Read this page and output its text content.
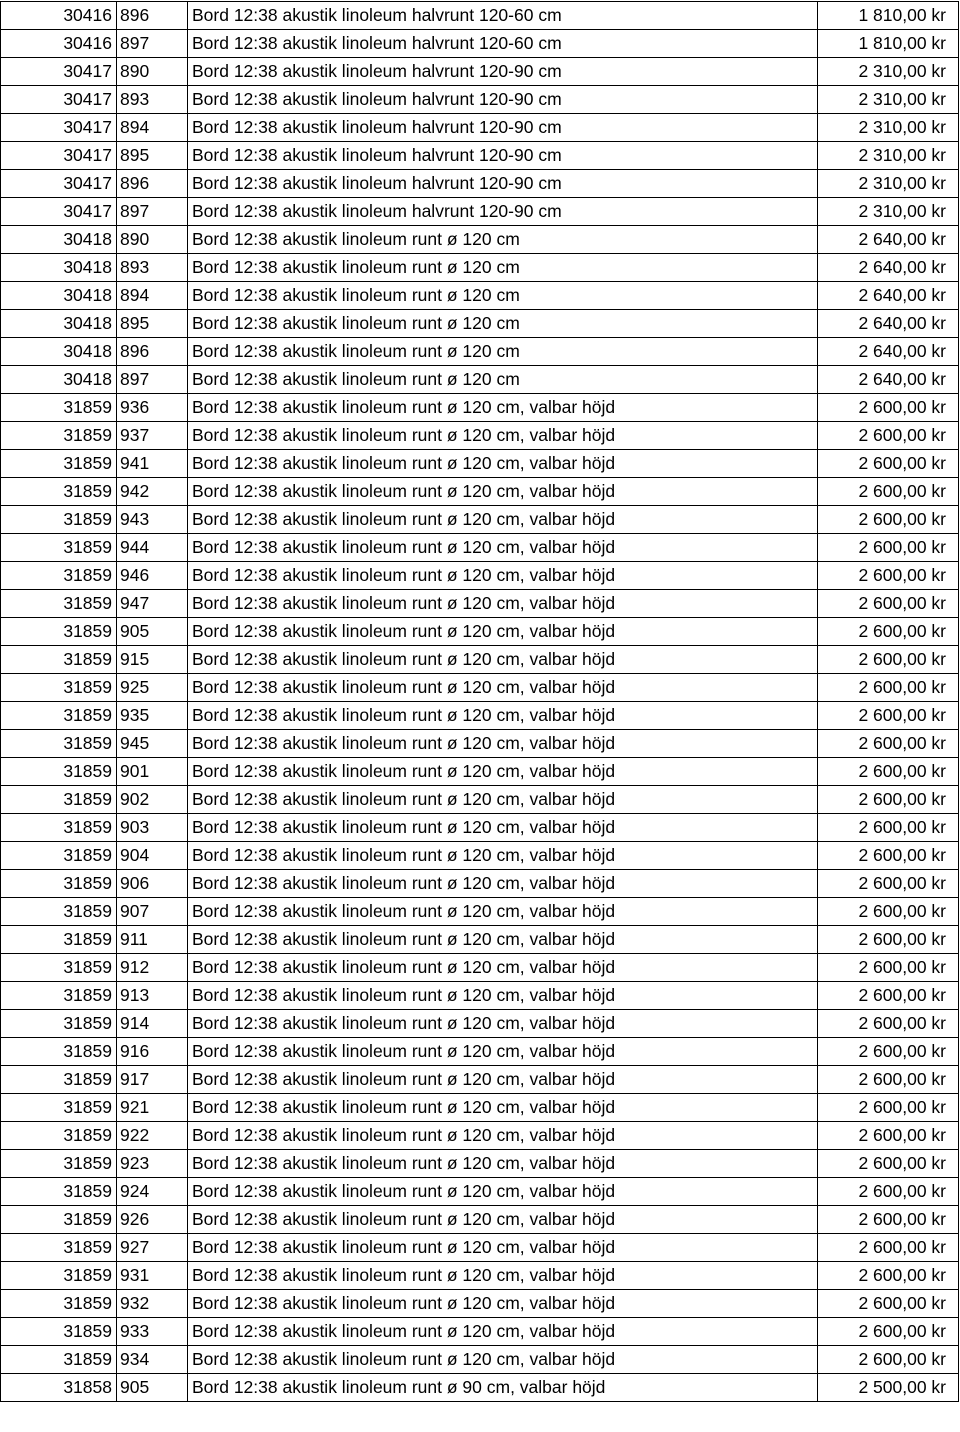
30416	896	Bord 12:38 akustik linoleum halvrunt 120-60 cm	1 810,00 kr
30416	897	Bord 12:38 akustik linoleum halvrunt 120-60 cm	1 810,00 kr
30417	890	Bord 12:38 akustik linoleum halvrunt 120-90 cm	2 310,00 kr
30417	893	Bord 12:38 akustik linoleum halvrunt 120-90 cm	2 310,00 kr
30417	894	Bord 12:38 akustik linoleum halvrunt 120-90 cm	2 310,00 kr
30417	895	Bord 12:38 akustik linoleum halvrunt 120-90 cm	2 310,00 kr
30417	896	Bord 12:38 akustik linoleum halvrunt 120-90 cm	2 310,00 kr
30417	897	Bord 12:38 akustik linoleum halvrunt 120-90 cm	2 310,00 kr
30418	890	Bord 12:38 akustik linoleum runt ø 120 cm	2 640,00 kr
30418	893	Bord 12:38 akustik linoleum runt ø 120 cm	2 640,00 kr
30418	894	Bord 12:38 akustik linoleum runt ø 120 cm	2 640,00 kr
30418	895	Bord 12:38 akustik linoleum runt ø 120 cm	2 640,00 kr
30418	896	Bord 12:38 akustik linoleum runt ø 120 cm	2 640,00 kr
30418	897	Bord 12:38 akustik linoleum runt ø 120 cm	2 640,00 kr
31859	936	Bord 12:38 akustik linoleum runt ø 120 cm, valbar höjd	2 600,00 kr
31859	937	Bord 12:38 akustik linoleum runt ø 120 cm, valbar höjd	2 600,00 kr
31859	941	Bord 12:38 akustik linoleum runt ø 120 cm, valbar höjd	2 600,00 kr
31859	942	Bord 12:38 akustik linoleum runt ø 120 cm, valbar höjd	2 600,00 kr
31859	943	Bord 12:38 akustik linoleum runt ø 120 cm, valbar höjd	2 600,00 kr
31859	944	Bord 12:38 akustik linoleum runt ø 120 cm, valbar höjd	2 600,00 kr
31859	946	Bord 12:38 akustik linoleum runt ø 120 cm, valbar höjd	2 600,00 kr
31859	947	Bord 12:38 akustik linoleum runt ø 120 cm, valbar höjd	2 600,00 kr
31859	905	Bord 12:38 akustik linoleum runt ø 120 cm, valbar höjd	2 600,00 kr
31859	915	Bord 12:38 akustik linoleum runt ø 120 cm, valbar höjd	2 600,00 kr
31859	925	Bord 12:38 akustik linoleum runt ø 120 cm, valbar höjd	2 600,00 kr
31859	935	Bord 12:38 akustik linoleum runt ø 120 cm, valbar höjd	2 600,00 kr
31859	945	Bord 12:38 akustik linoleum runt ø 120 cm, valbar höjd	2 600,00 kr
31859	901	Bord 12:38 akustik linoleum runt ø 120 cm, valbar höjd	2 600,00 kr
31859	902	Bord 12:38 akustik linoleum runt ø 120 cm, valbar höjd	2 600,00 kr
31859	903	Bord 12:38 akustik linoleum runt ø 120 cm, valbar höjd	2 600,00 kr
31859	904	Bord 12:38 akustik linoleum runt ø 120 cm, valbar höjd	2 600,00 kr
31859	906	Bord 12:38 akustik linoleum runt ø 120 cm, valbar höjd	2 600,00 kr
31859	907	Bord 12:38 akustik linoleum runt ø 120 cm, valbar höjd	2 600,00 kr
31859	911	Bord 12:38 akustik linoleum runt ø 120 cm, valbar höjd	2 600,00 kr
31859	912	Bord 12:38 akustik linoleum runt ø 120 cm, valbar höjd	2 600,00 kr
31859	913	Bord 12:38 akustik linoleum runt ø 120 cm, valbar höjd	2 600,00 kr
31859	914	Bord 12:38 akustik linoleum runt ø 120 cm, valbar höjd	2 600,00 kr
31859	916	Bord 12:38 akustik linoleum runt ø 120 cm, valbar höjd	2 600,00 kr
31859	917	Bord 12:38 akustik linoleum runt ø 120 cm, valbar höjd	2 600,00 kr
31859	921	Bord 12:38 akustik linoleum runt ø 120 cm, valbar höjd	2 600,00 kr
31859	922	Bord 12:38 akustik linoleum runt ø 120 cm, valbar höjd	2 600,00 kr
31859	923	Bord 12:38 akustik linoleum runt ø 120 cm, valbar höjd	2 600,00 kr
31859	924	Bord 12:38 akustik linoleum runt ø 120 cm, valbar höjd	2 600,00 kr
31859	926	Bord 12:38 akustik linoleum runt ø 120 cm, valbar höjd	2 600,00 kr
31859	927	Bord 12:38 akustik linoleum runt ø 120 cm, valbar höjd	2 600,00 kr
31859	931	Bord 12:38 akustik linoleum runt ø 120 cm, valbar höjd	2 600,00 kr
31859	932	Bord 12:38 akustik linoleum runt ø 120 cm, valbar höjd	2 600,00 kr
31859	933	Bord 12:38 akustik linoleum runt ø 120 cm, valbar höjd	2 600,00 kr
31859	934	Bord 12:38 akustik linoleum runt ø 120 cm, valbar höjd	2 600,00 kr
31858	905	Bord 12:38 akustik linoleum runt ø 90 cm, valbar höjd	2 500,00 kr
